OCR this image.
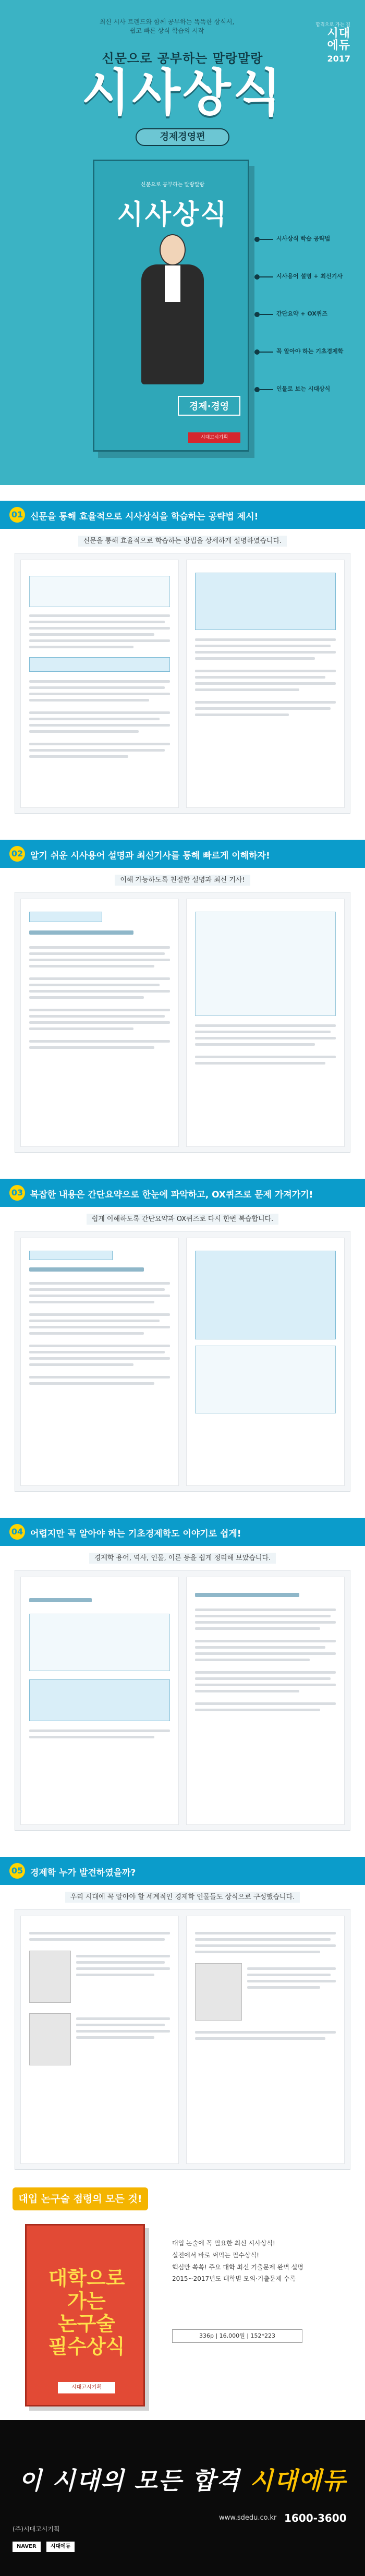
합격으로 가는 길
시대
에듀
2017
최신 시사 트렌드와 함께 공부하는 똑똑한 상식서,
쉽고 빠른 상식 학습의 시작
신문으로 공부하는 말랑말랑
시사상식
경제경영편
신문으로 공부하는 말랑말랑
시사상식
경제·경영
시대고시기획
시사상식 학습 공략법
시사용어 설명 + 최신기사
간단요약 + OX퀴즈
꼭 알아야 하는 기초경제학
인물로 보는 시대상식
01 신문을 통해 효율적으로 시사상식을 학습하는 공략법 제시!
신문을 통해 효율적으로 학습하는 방법을 상세하게 설명하였습니다.
02 알기 쉬운 시사용어 설명과 최신기사를 통해 빠르게 이해하자!
이해 가능하도록 친절한 설명과 최신 기사!
03 복잡한 내용은 간단요약으로 한눈에 파악하고, OX퀴즈로 문제 가져가기!
쉽게 이해하도록 간단요약과 OX퀴즈로 다시 한번 복습합니다.
04 어렵지만 꼭 알아야 하는 기초경제학도 이야기로 쉽게!
경제학 용어, 역사, 인물, 이론 등을 쉽게 정리해 보았습니다.
05 경제학 누가 발견하였을까?
우리 시대에 꼭 알아야 할 세계적인 경제학 인물들도 상식으로 구성했습니다.
대입 논구술 점령의 모든 것!
대학으로 가는
논구술
필수상식
시대고시기획
대입 논술에 꼭 필요한 최신 시사상식!
실전에서 바로 써먹는 필수상식!
핵심만 쏙쏙! 주요 대학 최신 기출문제 완벽 설명
2015~2017년도 대학별 모의·기출문제 수록
336p | 16,000원 | 152*223
이 시대의 모든 합격 시대에듀
(주)시대고시기획
www.sdedu.co.kr 1600-3600
NAVER	시대에듀
